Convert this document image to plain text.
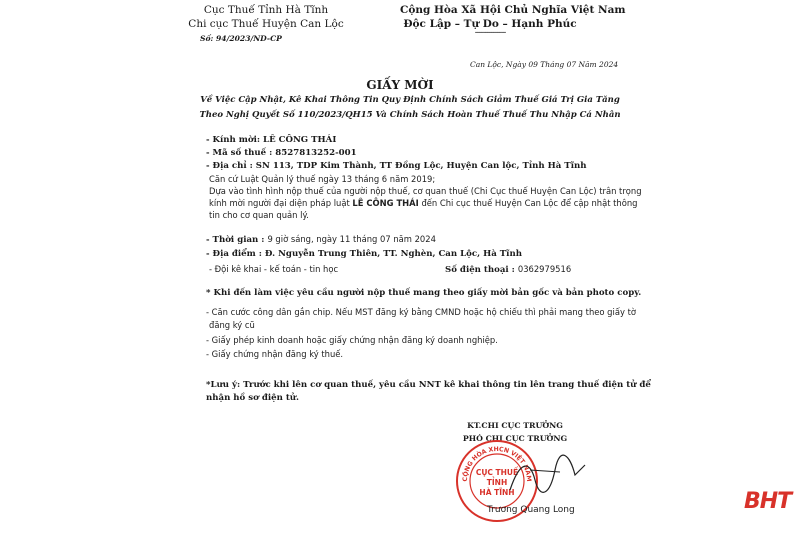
Cục Thuế Tỉnh Hà Tĩnh
Chi cục Thuế Huyện Can Lộc
Số: 94/2023/ND-CP
Cộng Hòa Xã Hội Chủ Nghĩa Việt Nam
Độc Lập – Tự Do – Hạnh Phúc
---------------
Can Lộc, Ngày 09 Tháng 07 Năm 2024
GIẤY MỜI
Về Việc Cập Nhật, Kê Khai Thông Tin Quy Định Chính Sách Giảm Thuế Giá Trị Gia Tăng
Theo Nghị Quyết Số 110/2023/QH15 Và Chính Sách Hoàn Thuế Thuế Thu Nhập Cá Nhân
- Kính mời: LÊ CÔNG THÁI
- Mã số thuế : 8527813252-001
- Địa chỉ : SN 113, TDP Kim Thành, TT Đồng Lộc, Huyện Can lộc, Tỉnh Hà Tĩnh
Căn cứ Luật Quản lý thuế ngày 13 tháng 6 năm 2019;
Dựa vào tình hình nộp thuế của người nộp thuế, cơ quan thuế (Chi Cục thuế Huyện Can Lộc) trân trọng
kính mời người đại diện pháp luật LÊ CÔNG THÁI đến Chi cục thuế Huyện Can Lộc để cập nhật thông
tin cho cơ quan quản lý.
- Thời gian : 9 giờ sáng, ngày 11 tháng 07 năm 2024
- Địa điểm : Đ. Nguyễn Trung Thiên, TT. Nghèn, Can Lộc, Hà Tĩnh
- Đội kê khai - kế toán - tin học	Số điện thoại : 0362979516
* Khi đến làm việc yêu cầu người nộp thuế mang theo giấy mời bản gốc và bản photo copy.
- Căn cước công dân gắn chip. Nếu MST đăng ký bằng CMND hoặc hộ chiếu thì phải mang theo giấy tờ
đăng ký cũ
- Giấy phép kinh doanh hoặc giấy chứng nhận đăng ký doanh nghiệp.
- Giấy chứng nhận đăng ký thuế.
*Lưu ý: Trước khi lên cơ quan thuế, yêu cầu NNT kê khai thông tin lên trang thuế điện tử để
nhận hồ sơ điện tử.
KT.CHI CỤC TRƯỞNG
PHÓ CHI CỤC TRƯỞNG
CỘNG HÒA XHCN VIỆT NAM
CỤC THUẾ
TỈNH
HÀ TĨNH
Trương Quang Long	BHT
